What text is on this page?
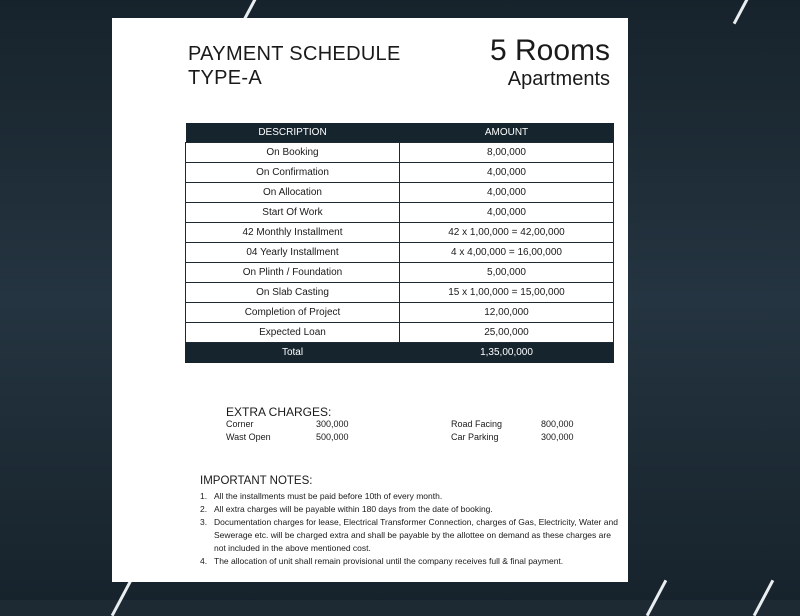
PAYMENT SCHEDULE
TYPE-A
5 Rooms
Apartments
DESCRIPTION	AMOUNT
On Booking	8,00,000
On Confirmation	4,00,000
On Allocation	4,00,000
Start Of Work	4,00,000
42 Monthly Installment	42 x 1,00,000 = 42,00,000
04 Yearly Installment	4 x 4,00,000 = 16,00,000
On Plinth / Foundation	5,00,000
On Slab Casting	15 x 1,00,000 = 15,00,000
Completion of Project	12,00,000
Expected Loan	25,00,000
Total	1,35,00,000
EXTRA CHARGES:
Corner	300,000
Wast Open	500,000
Road Facing	800,000
Car Parking	300,000
IMPORTANT NOTES:
1. All the installments must be paid before 10th of every month.
2. All extra charges will be payable within 180 days from the date of booking.
3. Documentation charges for lease, Electrical Transformer Connection, charges of Gas, Electricity, Water and Sewerage etc. will be charged extra and shall be payable by the allottee on demand as these charges are not included in the above mentioned cost.
4. The allocation of unit shall remain provisional until the company receives full & final payment.
